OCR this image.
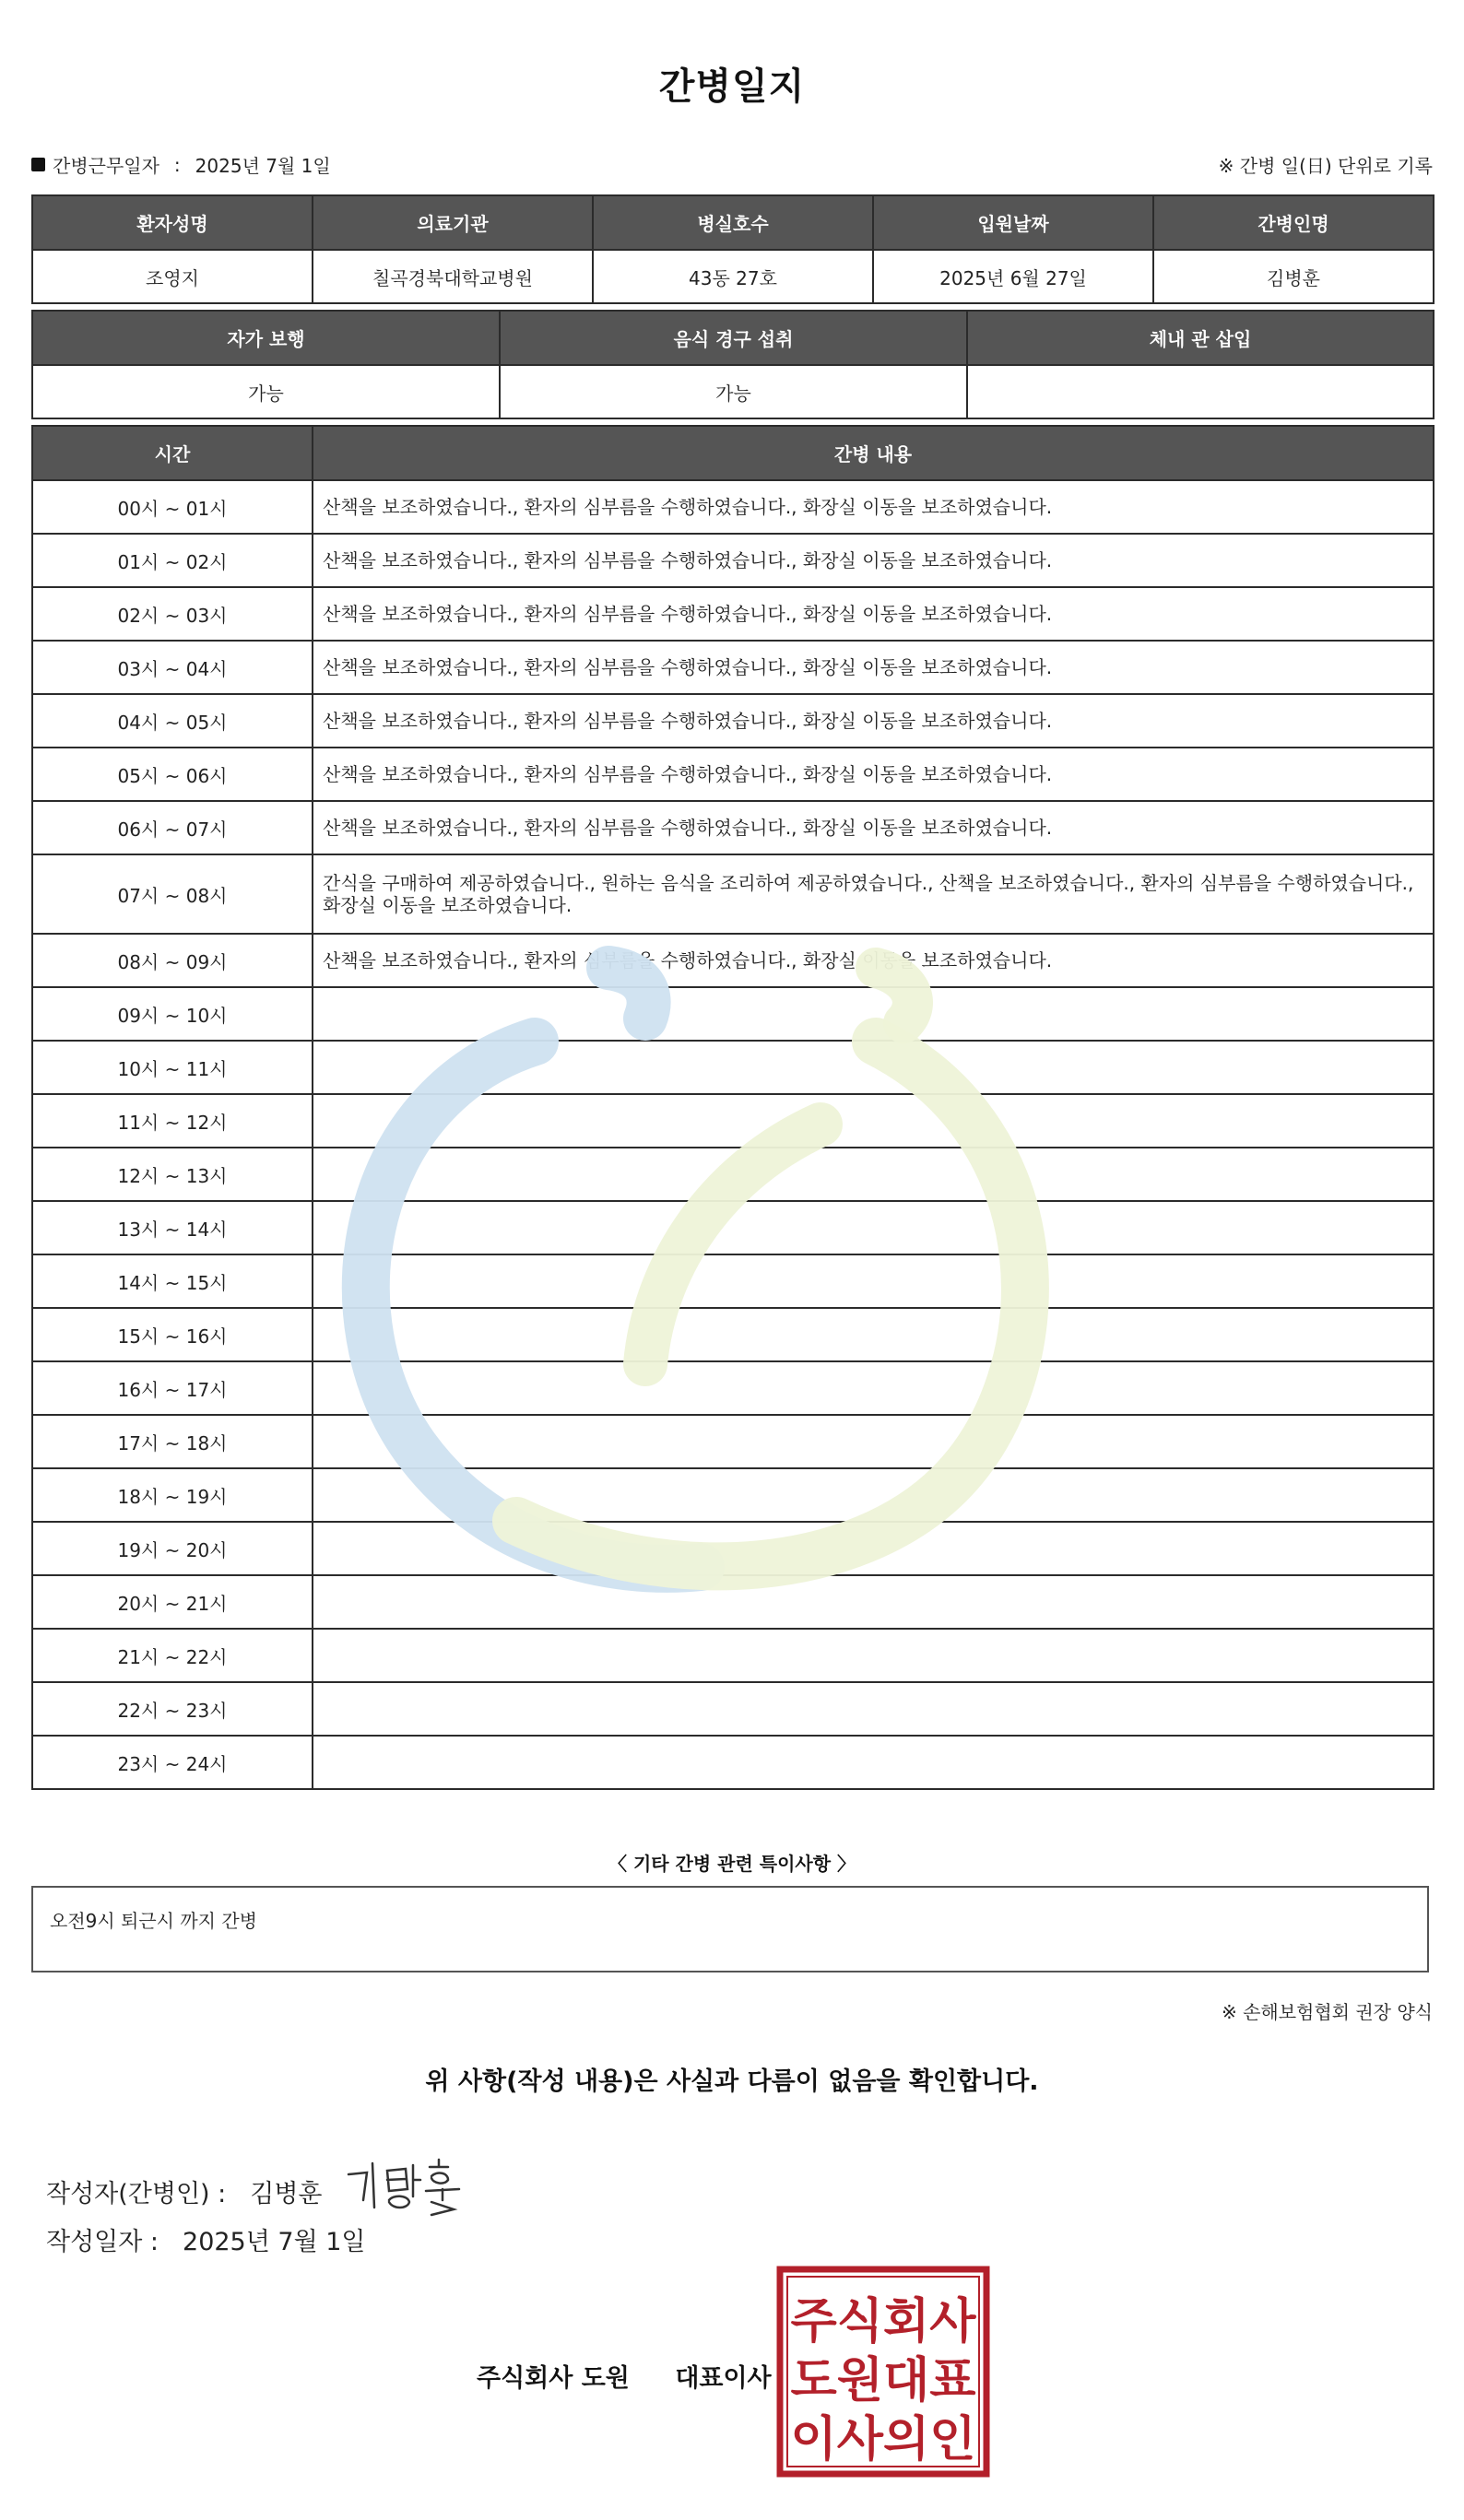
간병일지
간병근무일자 : 2025년 7월 1일	※ 간병 일(日) 단위로 기록
환자성명	의료기관	병실호수	입원날짜	간병인명
조영지	칠곡경북대학교병원	43동 27호	2025년 6월 27일	김병훈
자가 보행	음식 경구 섭취	체내 관 삽입
가능	가능	
시간	간병 내용
00시 ~ 01시	산책을 보조하였습니다., 환자의 심부름을 수행하였습니다., 화장실 이동을 보조하였습니다.
01시 ~ 02시	산책을 보조하였습니다., 환자의 심부름을 수행하였습니다., 화장실 이동을 보조하였습니다.
02시 ~ 03시	산책을 보조하였습니다., 환자의 심부름을 수행하였습니다., 화장실 이동을 보조하였습니다.
03시 ~ 04시	산책을 보조하였습니다., 환자의 심부름을 수행하였습니다., 화장실 이동을 보조하였습니다.
04시 ~ 05시	산책을 보조하였습니다., 환자의 심부름을 수행하였습니다., 화장실 이동을 보조하였습니다.
05시 ~ 06시	산책을 보조하였습니다., 환자의 심부름을 수행하였습니다., 화장실 이동을 보조하였습니다.
06시 ~ 07시	산책을 보조하였습니다., 환자의 심부름을 수행하였습니다., 화장실 이동을 보조하였습니다.
07시 ~ 08시	간식을 구매하여 제공하였습니다., 원하는 음식을 조리하여 제공하였습니다., 산책을 보조하였습니다., 환자의 심부름을 수행하였습니다., 화장실 이동을 보조하였습니다.
08시 ~ 09시	산책을 보조하였습니다., 환자의 심부름을 수행하였습니다., 화장실 이동을 보조하였습니다.
09시 ~ 10시	
10시 ~ 11시	
11시 ~ 12시	
12시 ~ 13시	
13시 ~ 14시	
14시 ~ 15시	
15시 ~ 16시	
16시 ~ 17시	
17시 ~ 18시	
18시 ~ 19시	
19시 ~ 20시	
20시 ~ 21시	
21시 ~ 22시	
22시 ~ 23시	
23시 ~ 24시	
〈 기타 간병 관련 특이사항 〉
오전9시 퇴근시 까지 간병
※ 손해보험협회 권장 양식
위 사항(작성 내용)은 사실과 다름이 없음을 확인합니다.
작성자(간병인) : 김병훈
작성일자 : 2025년 7월 1일
주식회사 도원 대표이사
주식회사
도원대표
이사의인
